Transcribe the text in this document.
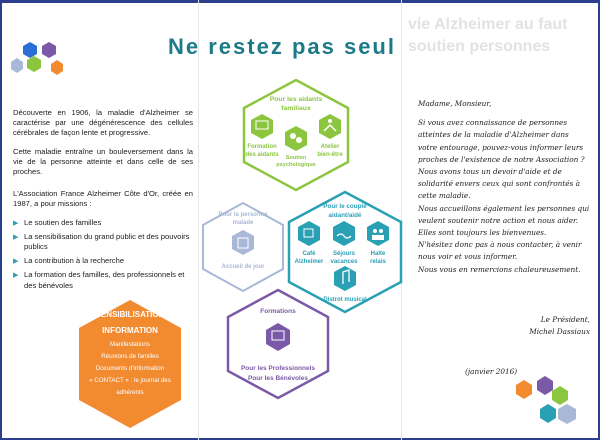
vie Alzheimer au faut soutien personnes
Ne restez pas seul
Pour les aidants
familiaux
Formation
des aidants
Atelier
bien-être
Soutien
psychologique
Pour la personne
malade
Accueil de jour
Pour le couple
aidant/aidé
Café
Alzheimer
Séjours
vacances
Halte
relais
Distrot musical
Formations
Pour les Professionnels
Pour les Bénévoles

Découverte en 1906, la maladie d'Alzheimer se caractérise par une dégénérescence des cellules cérébrales de façon lente et progressive.

Cette maladie entraîne un bouleversement dans la vie de la personne atteinte et dans celle de ses proches.

L'Association France Alzheimer Côte d'Or, créée en 1987, a pour missions :

▶ Le soutien des familles
▶ La sensibilisation du grand public et des pouvoirs publics
▶ La contribution à la recherche
▶ La formation des familles, des professionnels et des bénévoles
SENSIBILISATION
INFORMATION
Manifestations
Réunions de familles
Documents d'information
« CONTACT » : le journal des adhérents

Madame, Monsieur,

Si vous avez connaissance de personnes atteintes de la maladie d'Alzheimer dans votre entourage, pouvez-vous informer leurs proches de l'existence de notre Association ?

Nous avons tous un devoir d'aide et de solidarité envers ceux qui sont confrontés à cette maladie.

Nous accueillons également les personnes qui veulent soutenir notre action et nous aider. Elles sont toujours les bienvenues.

N'hésitez donc pas à nous contacter, à venir nous voir et vous informer.

Nous vous en remercions chaleureusement.

Le Président,
Michel Dassiaux
(janvier 2016)
